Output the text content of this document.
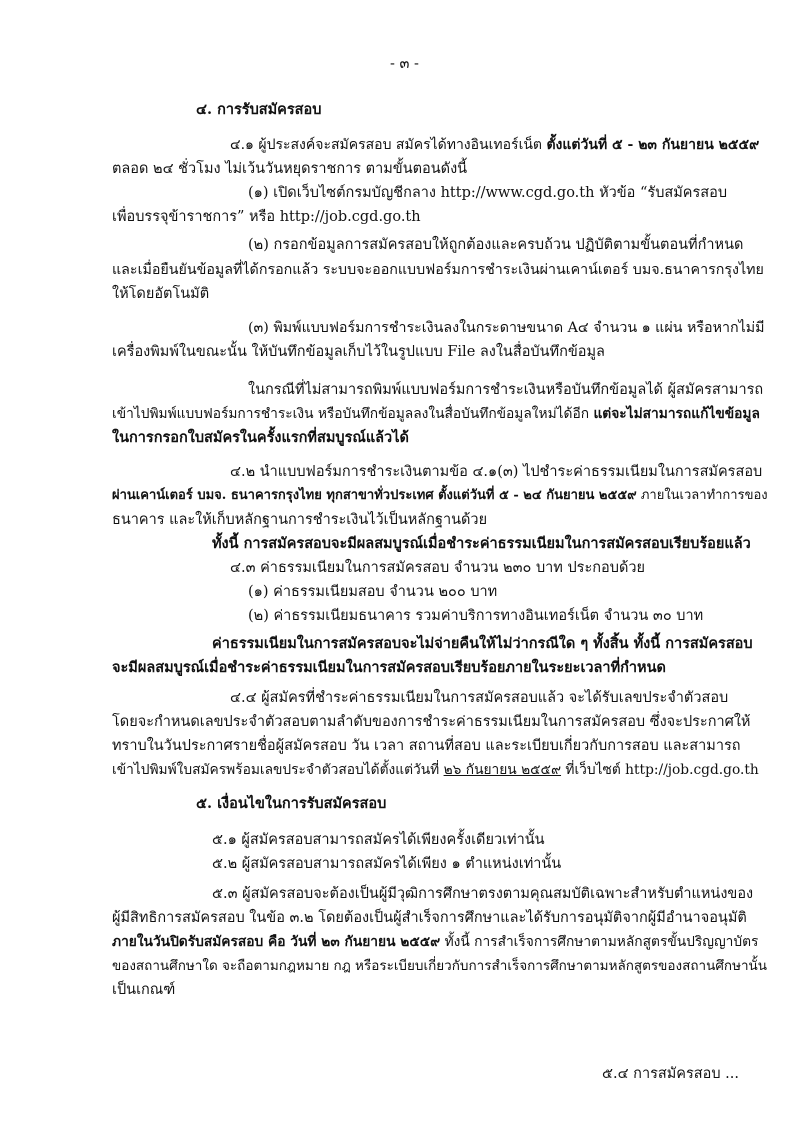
- ๓ -
๔. การรับสมัครสอบ
๔.๑ ผู้ประสงค์จะสมัครสอบ สมัครได้ทางอินเทอร์เน็ต ตั้งแต่วันที่ ๕ - ๒๓ กันยายน ๒๕๕๙
ตลอด ๒๔ ชั่วโมง ไม่เว้นวันหยุดราชการ ตามขั้นตอนดังนี้
(๑) เปิดเว็บไซต์กรมบัญชีกลาง http://www.cgd.go.th หัวข้อ “รับสมัครสอบ
เพื่อบรรจุข้าราชการ” หรือ http://job.cgd.go.th
(๒) กรอกข้อมูลการสมัครสอบให้ถูกต้องและครบถ้วน ปฏิบัติตามขั้นตอนที่กำหนด
และเมื่อยืนยันข้อมูลที่ได้กรอกแล้ว ระบบจะออกแบบฟอร์มการชำระเงินผ่านเคาน์เตอร์ บมจ.ธนาคารกรุงไทย
ให้โดยอัตโนมัติ
(๓) พิมพ์แบบฟอร์มการชำระเงินลงในกระดาษขนาด A๔ จำนวน ๑ แผ่น หรือหากไม่มี
เครื่องพิมพ์ในขณะนั้น ให้บันทึกข้อมูลเก็บไว้ในรูปแบบ File ลงในสื่อบันทึกข้อมูล
ในกรณีที่ไม่สามารถพิมพ์แบบฟอร์มการชำระเงินหรือบันทึกข้อมูลได้ ผู้สมัครสามารถ
เข้าไปพิมพ์แบบฟอร์มการชำระเงิน หรือบันทึกข้อมูลลงในสื่อบันทึกข้อมูลใหม่ได้อีก แต่จะไม่สามารถแก้ไขข้อมูล
ในการกรอกใบสมัครในครั้งแรกที่สมบูรณ์แล้วได้
๔.๒ นำแบบฟอร์มการชำระเงินตามข้อ ๔.๑(๓) ไปชำระค่าธรรมเนียมในการสมัครสอบ
ผ่านเคาน์เตอร์ บมจ. ธนาคารกรุงไทย ทุกสาขาทั่วประเทศ ตั้งแต่วันที่ ๕ - ๒๔ กันยายน ๒๕๕๙ ภายในเวลาทำการของ
ธนาคาร และให้เก็บหลักฐานการชำระเงินไว้เป็นหลักฐานด้วย
ทั้งนี้ การสมัครสอบจะมีผลสมบูรณ์เมื่อชำระค่าธรรมเนียมในการสมัครสอบเรียบร้อยแล้ว
๔.๓ ค่าธรรมเนียมในการสมัครสอบ จำนวน ๒๓๐ บาท ประกอบด้วย
(๑) ค่าธรรมเนียมสอบ จำนวน ๒๐๐ บาท
(๒) ค่าธรรมเนียมธนาคาร รวมค่าบริการทางอินเทอร์เน็ต จำนวน ๓๐ บาท
ค่าธรรมเนียมในการสมัครสอบจะไม่จ่ายคืนให้ไม่ว่ากรณีใด ๆ ทั้งสิ้น ทั้งนี้ การสมัครสอบ
จะมีผลสมบูรณ์เมื่อชำระค่าธรรมเนียมในการสมัครสอบเรียบร้อยภายในระยะเวลาที่กำหนด
๔.๔ ผู้สมัครที่ชำระค่าธรรมเนียมในการสมัครสอบแล้ว จะได้รับเลขประจำตัวสอบ
โดยจะกำหนดเลขประจำตัวสอบตามลำดับของการชำระค่าธรรมเนียมในการสมัครสอบ ซึ่งจะประกาศให้
ทราบในวันประกาศรายชื่อผู้สมัครสอบ วัน เวลา สถานที่สอบ และระเบียบเกี่ยวกับการสอบ และสามารถ
เข้าไปพิมพ์ใบสมัครพร้อมเลขประจำตัวสอบได้ตั้งแต่วันที่ ๒๖ กันยายน ๒๕๕๙ ที่เว็บไซต์ http://job.cgd.go.th
๕. เงื่อนไขในการรับสมัครสอบ
๕.๑ ผู้สมัครสอบสามารถสมัครได้เพียงครั้งเดียวเท่านั้น
๕.๒ ผู้สมัครสอบสามารถสมัครได้เพียง ๑ ตำแหน่งเท่านั้น
๕.๓ ผู้สมัครสอบจะต้องเป็นผู้มีวุฒิการศึกษาตรงตามคุณสมบัติเฉพาะสำหรับตำแหน่งของ
ผู้มีสิทธิการสมัครสอบ ในข้อ ๓.๒ โดยต้องเป็นผู้สำเร็จการศึกษาและได้รับการอนุมัติจากผู้มีอำนาจอนุมัติ
ภายในวันปิดรับสมัครสอบ คือ วันที่ ๒๓ กันยายน ๒๕๕๙ ทั้งนี้ การสำเร็จการศึกษาตามหลักสูตรขั้นปริญญาบัตร
ของสถานศึกษาใด จะถือตามกฎหมาย กฎ หรือระเบียบเกี่ยวกับการสำเร็จการศึกษาตามหลักสูตรของสถานศึกษานั้น
เป็นเกณฑ์
๕.๔ การสมัครสอบ ...
